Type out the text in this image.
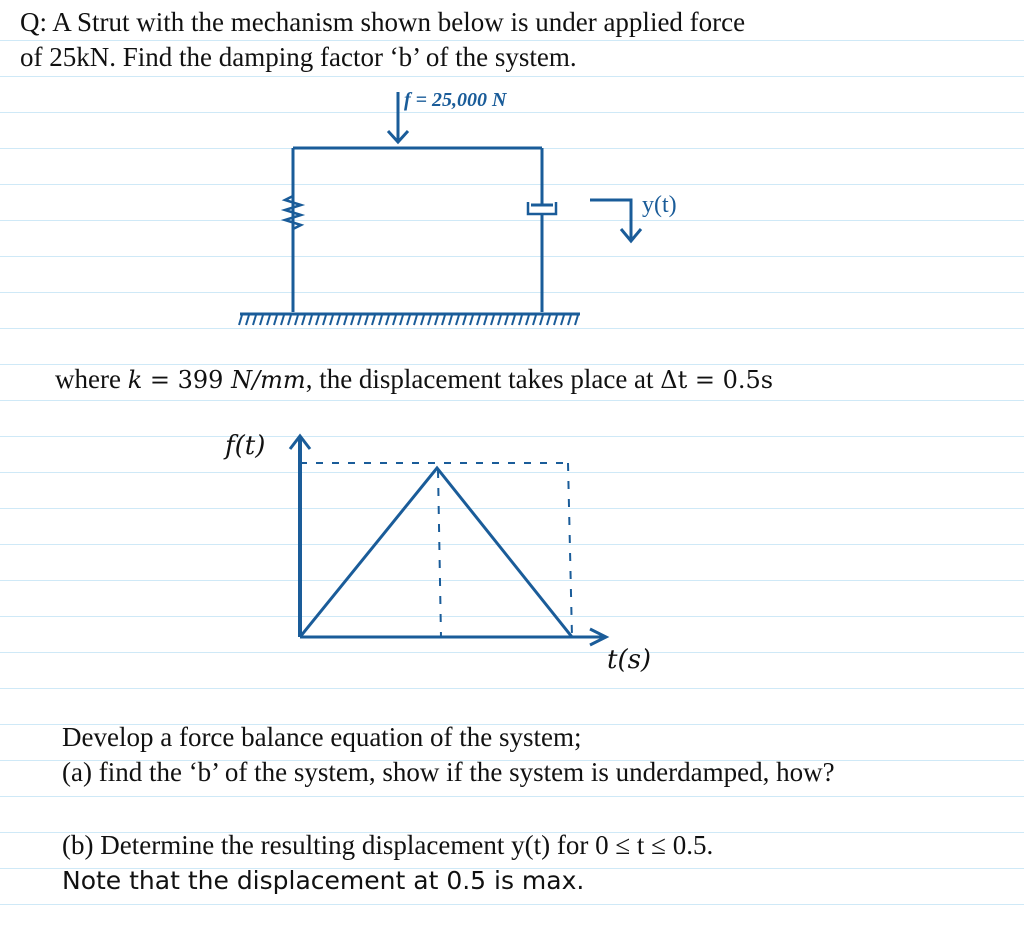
Q: A Strut with the mechanism shown below is under applied force
of 25kN. Find the damping factor ‘b’ of the system.
f = 25,000 N
y(t)
f(t)
t(s)
where k = 399 N/mm, the displacement takes place at Δt = 0.5s
Develop a force balance equation of the system;
(a) find the ‘b’ of the system, show if the system is underdamped, how?
(b) Determine the resulting displacement y(t) for 0 ≤ t ≤ 0.5.
Note that the displacement at 0.5 is max.
